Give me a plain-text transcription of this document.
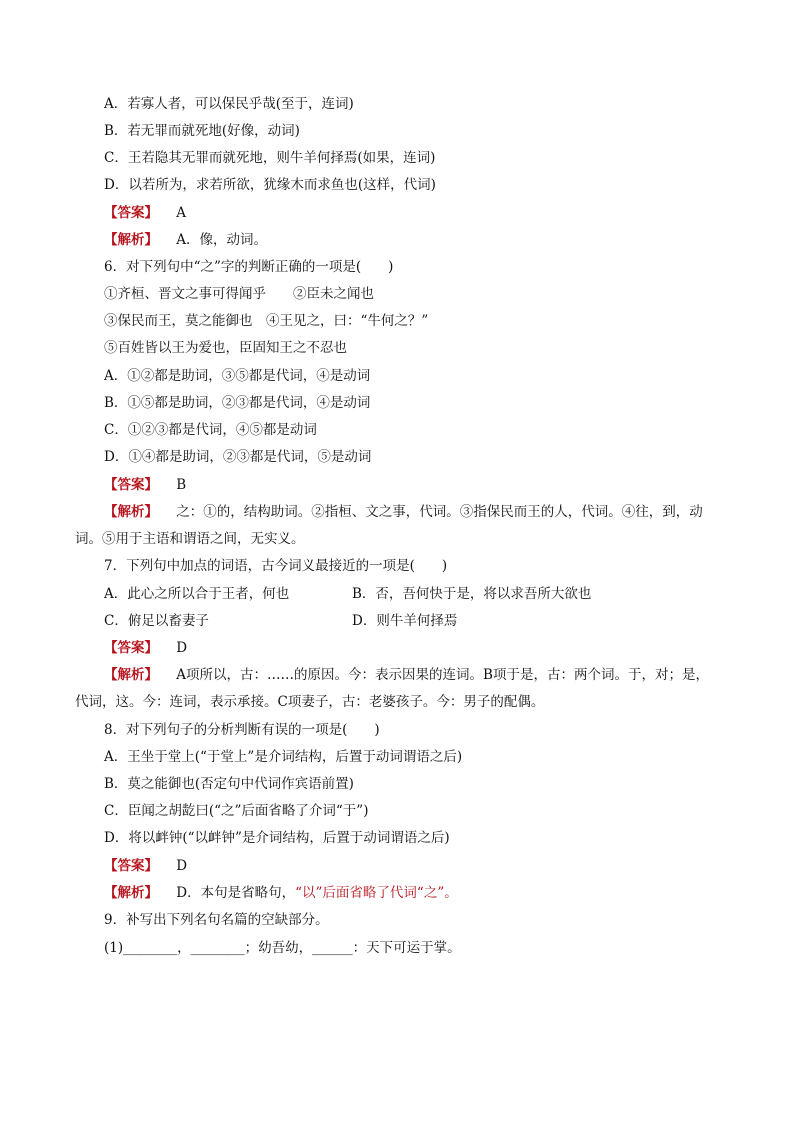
A．若寡人者，可以保民乎哉(至于，连词)
B．若无罪而就死地(好像，动词)
C．王若隐其无罪而就死地，则牛羊何择焉(如果，连词)
D．以若所为，求若所欲，犹缘木而求鱼也(这样，代词)
【答案】 A
【解析】 A．像，动词。
6．对下列句中“之”字的判断正确的一项是(　　)
①齐桓、晋文之事可得闻乎　　②臣未之闻也
③保民而王，莫之能御也　④王见之，曰：“牛何之？”
⑤百姓皆以王为爱也，臣固知王之不忍也
A．①②都是助词，③⑤都是代词，④是动词
B．①⑤都是助词，②③都是代词，④是动词
C．①②③都是代词，④⑤都是动词
D．①④都是助词，②③都是代词，⑤是动词
【答案】 B
【解析】 之：①的，结构助词。②指桓、文之事，代词。③指保民而王的人，代词。④往，到，动
词。⑤用于主语和谓语之间，无实义。
7．下列句中加点的词语，古今词义最接近的一项是(　　)
A．此心之所以合于王者，何也	B．否，吾何快于是，将以求吾所大欲也
C．俯足以畜妻子	D．则牛羊何择焉
【答案】 D
【解析】 A项所以，古：……的原因。今：表示因果的连词。B项于是，古：两个词。于，对；是，
代词，这。今：连词，表示承接。C项妻子，古：老婆孩子。今：男子的配偶。
8．对下列句子的分析判断有误的一项是(　　)
A．王坐于堂上(“于堂上”是介词结构，后置于动词谓语之后)
B．莫之能御也(否定句中代词作宾语前置)
C．臣闻之胡龁曰(“之”后面省略了介词“于”)
D．将以衅钟(“以衅钟”是介词结构，后置于动词谓语之后)
【答案】 D
【解析】 D．本句是省略句，“以”后面省略了代词“之”。
9．补写出下列名句名篇的空缺部分。
(1)________，________；幼吾幼，______：天下可运于掌。
